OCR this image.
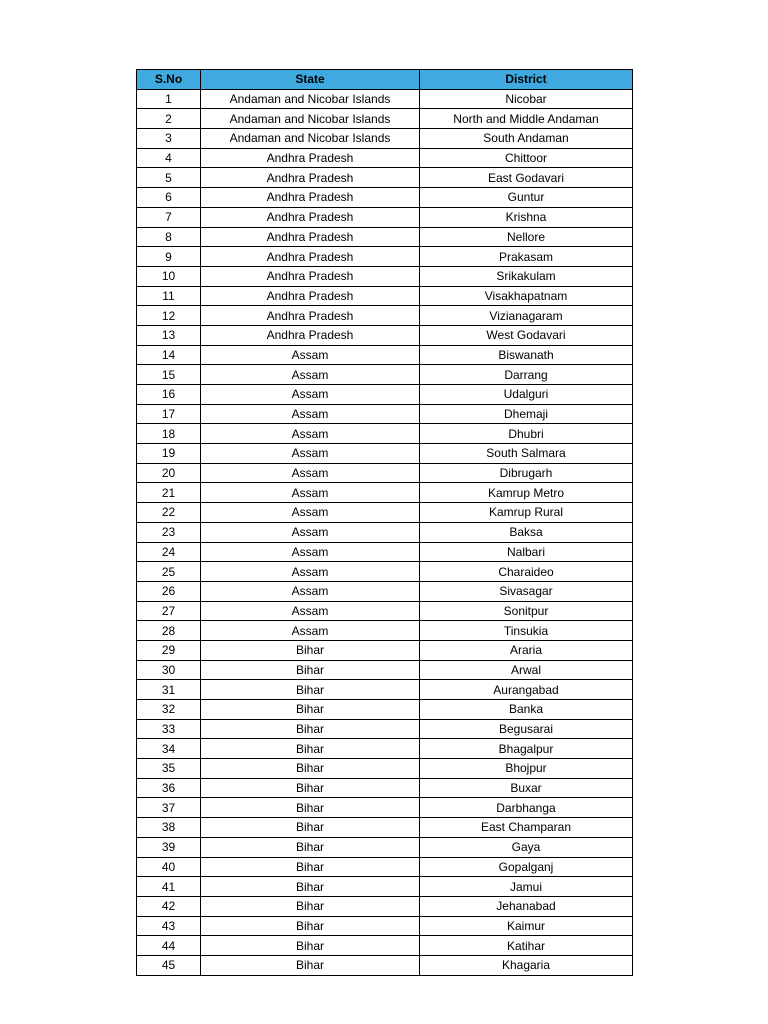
S.No	State	District
1	Andaman and Nicobar Islands	Nicobar
2	Andaman and Nicobar Islands	North and Middle Andaman
3	Andaman and Nicobar Islands	South Andaman
4	Andhra Pradesh	Chittoor
5	Andhra Pradesh	East Godavari
6	Andhra Pradesh	Guntur
7	Andhra Pradesh	Krishna
8	Andhra Pradesh	Nellore
9	Andhra Pradesh	Prakasam
10	Andhra Pradesh	Srikakulam
11	Andhra Pradesh	Visakhapatnam
12	Andhra Pradesh	Vizianagaram
13	Andhra Pradesh	West Godavari
14	Assam	Biswanath
15	Assam	Darrang
16	Assam	Udalguri
17	Assam	Dhemaji
18	Assam	Dhubri
19	Assam	South Salmara
20	Assam	Dibrugarh
21	Assam	Kamrup Metro
22	Assam	Kamrup Rural
23	Assam	Baksa
24	Assam	Nalbari
25	Assam	Charaideo
26	Assam	Sivasagar
27	Assam	Sonitpur
28	Assam	Tinsukia
29	Bihar	Araria
30	Bihar	Arwal
31	Bihar	Aurangabad
32	Bihar	Banka
33	Bihar	Begusarai
34	Bihar	Bhagalpur
35	Bihar	Bhojpur
36	Bihar	Buxar
37	Bihar	Darbhanga
38	Bihar	East Champaran
39	Bihar	Gaya
40	Bihar	Gopalganj
41	Bihar	Jamui
42	Bihar	Jehanabad
43	Bihar	Kaimur
44	Bihar	Katihar
45	Bihar	Khagaria
